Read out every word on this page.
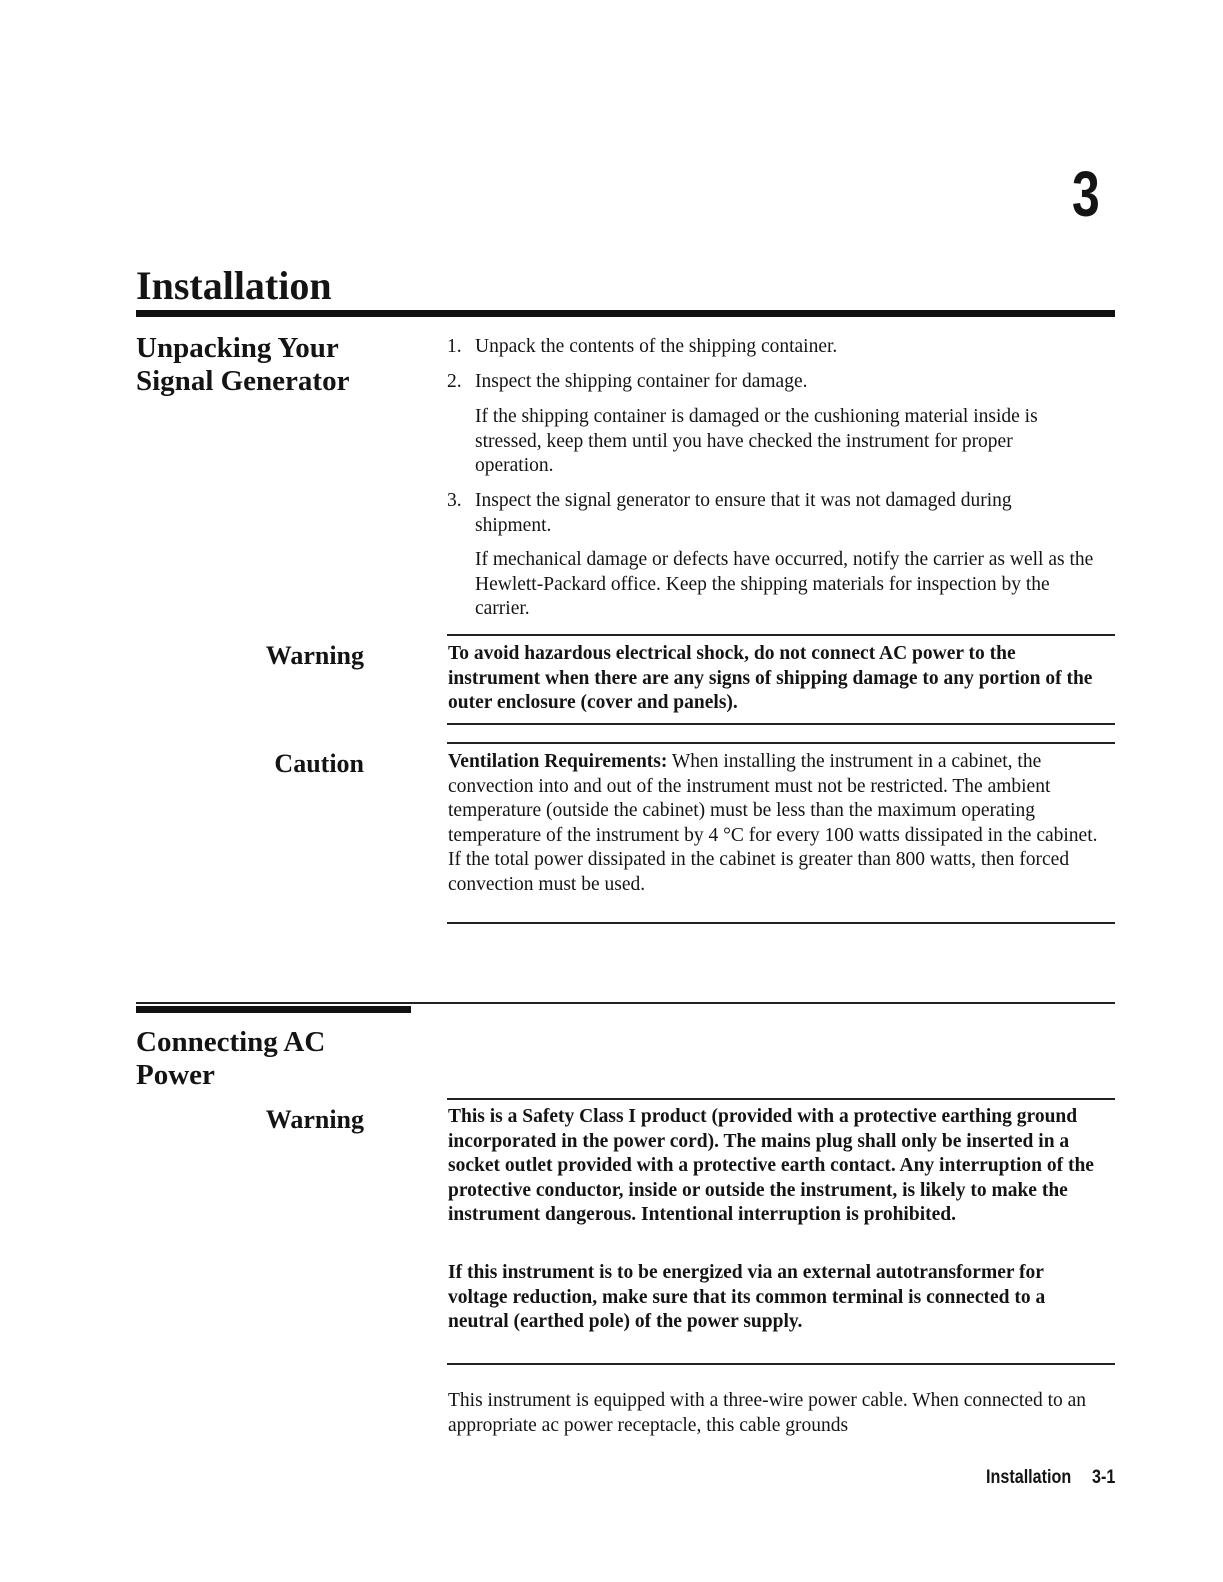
3
Installation
Unpacking Your
Signal Generator
1. Unpack the contents of the shipping container.
2. Inspect the shipping container for damage.
If the shipping container is damaged or the cushioning material inside is stressed, keep them until you have checked the instrument for proper operation.
3. Inspect the signal generator to ensure that it was not damaged during shipment.
If mechanical damage or defects have occurred, notify the carrier as well as the Hewlett-Packard office. Keep the shipping materials for inspection by the carrier.
Warning	To avoid hazardous electrical shock, do not connect AC power to the instrument when there are any signs of shipping damage to any portion of the outer enclosure (cover and panels).
Caution	Ventilation Requirements: When installing the instrument in a cabinet, the convection into and out of the instrument must not be restricted. The ambient temperature (outside the cabinet) must be less than the maximum operating temperature of the instrument by 4 °C for every 100 watts dissipated in the cabinet. If the total power dissipated in the cabinet is greater than 800 watts, then forced convection must be used.
Connecting AC
Power
Warning	This is a Safety Class I product (provided with a protective earthing ground incorporated in the power cord). The mains plug shall only be inserted in a socket outlet provided with a protective earth contact. Any interruption of the protective conductor, inside or outside the instrument, is likely to make the instrument dangerous. Intentional interruption is prohibited.
If this instrument is to be energized via an external autotransformer for voltage reduction, make sure that its common terminal is connected to a neutral (earthed pole) of the power supply.
This instrument is equipped with a three-wire power cable. When connected to an appropriate ac power receptacle, this cable grounds
Installation 3-1
